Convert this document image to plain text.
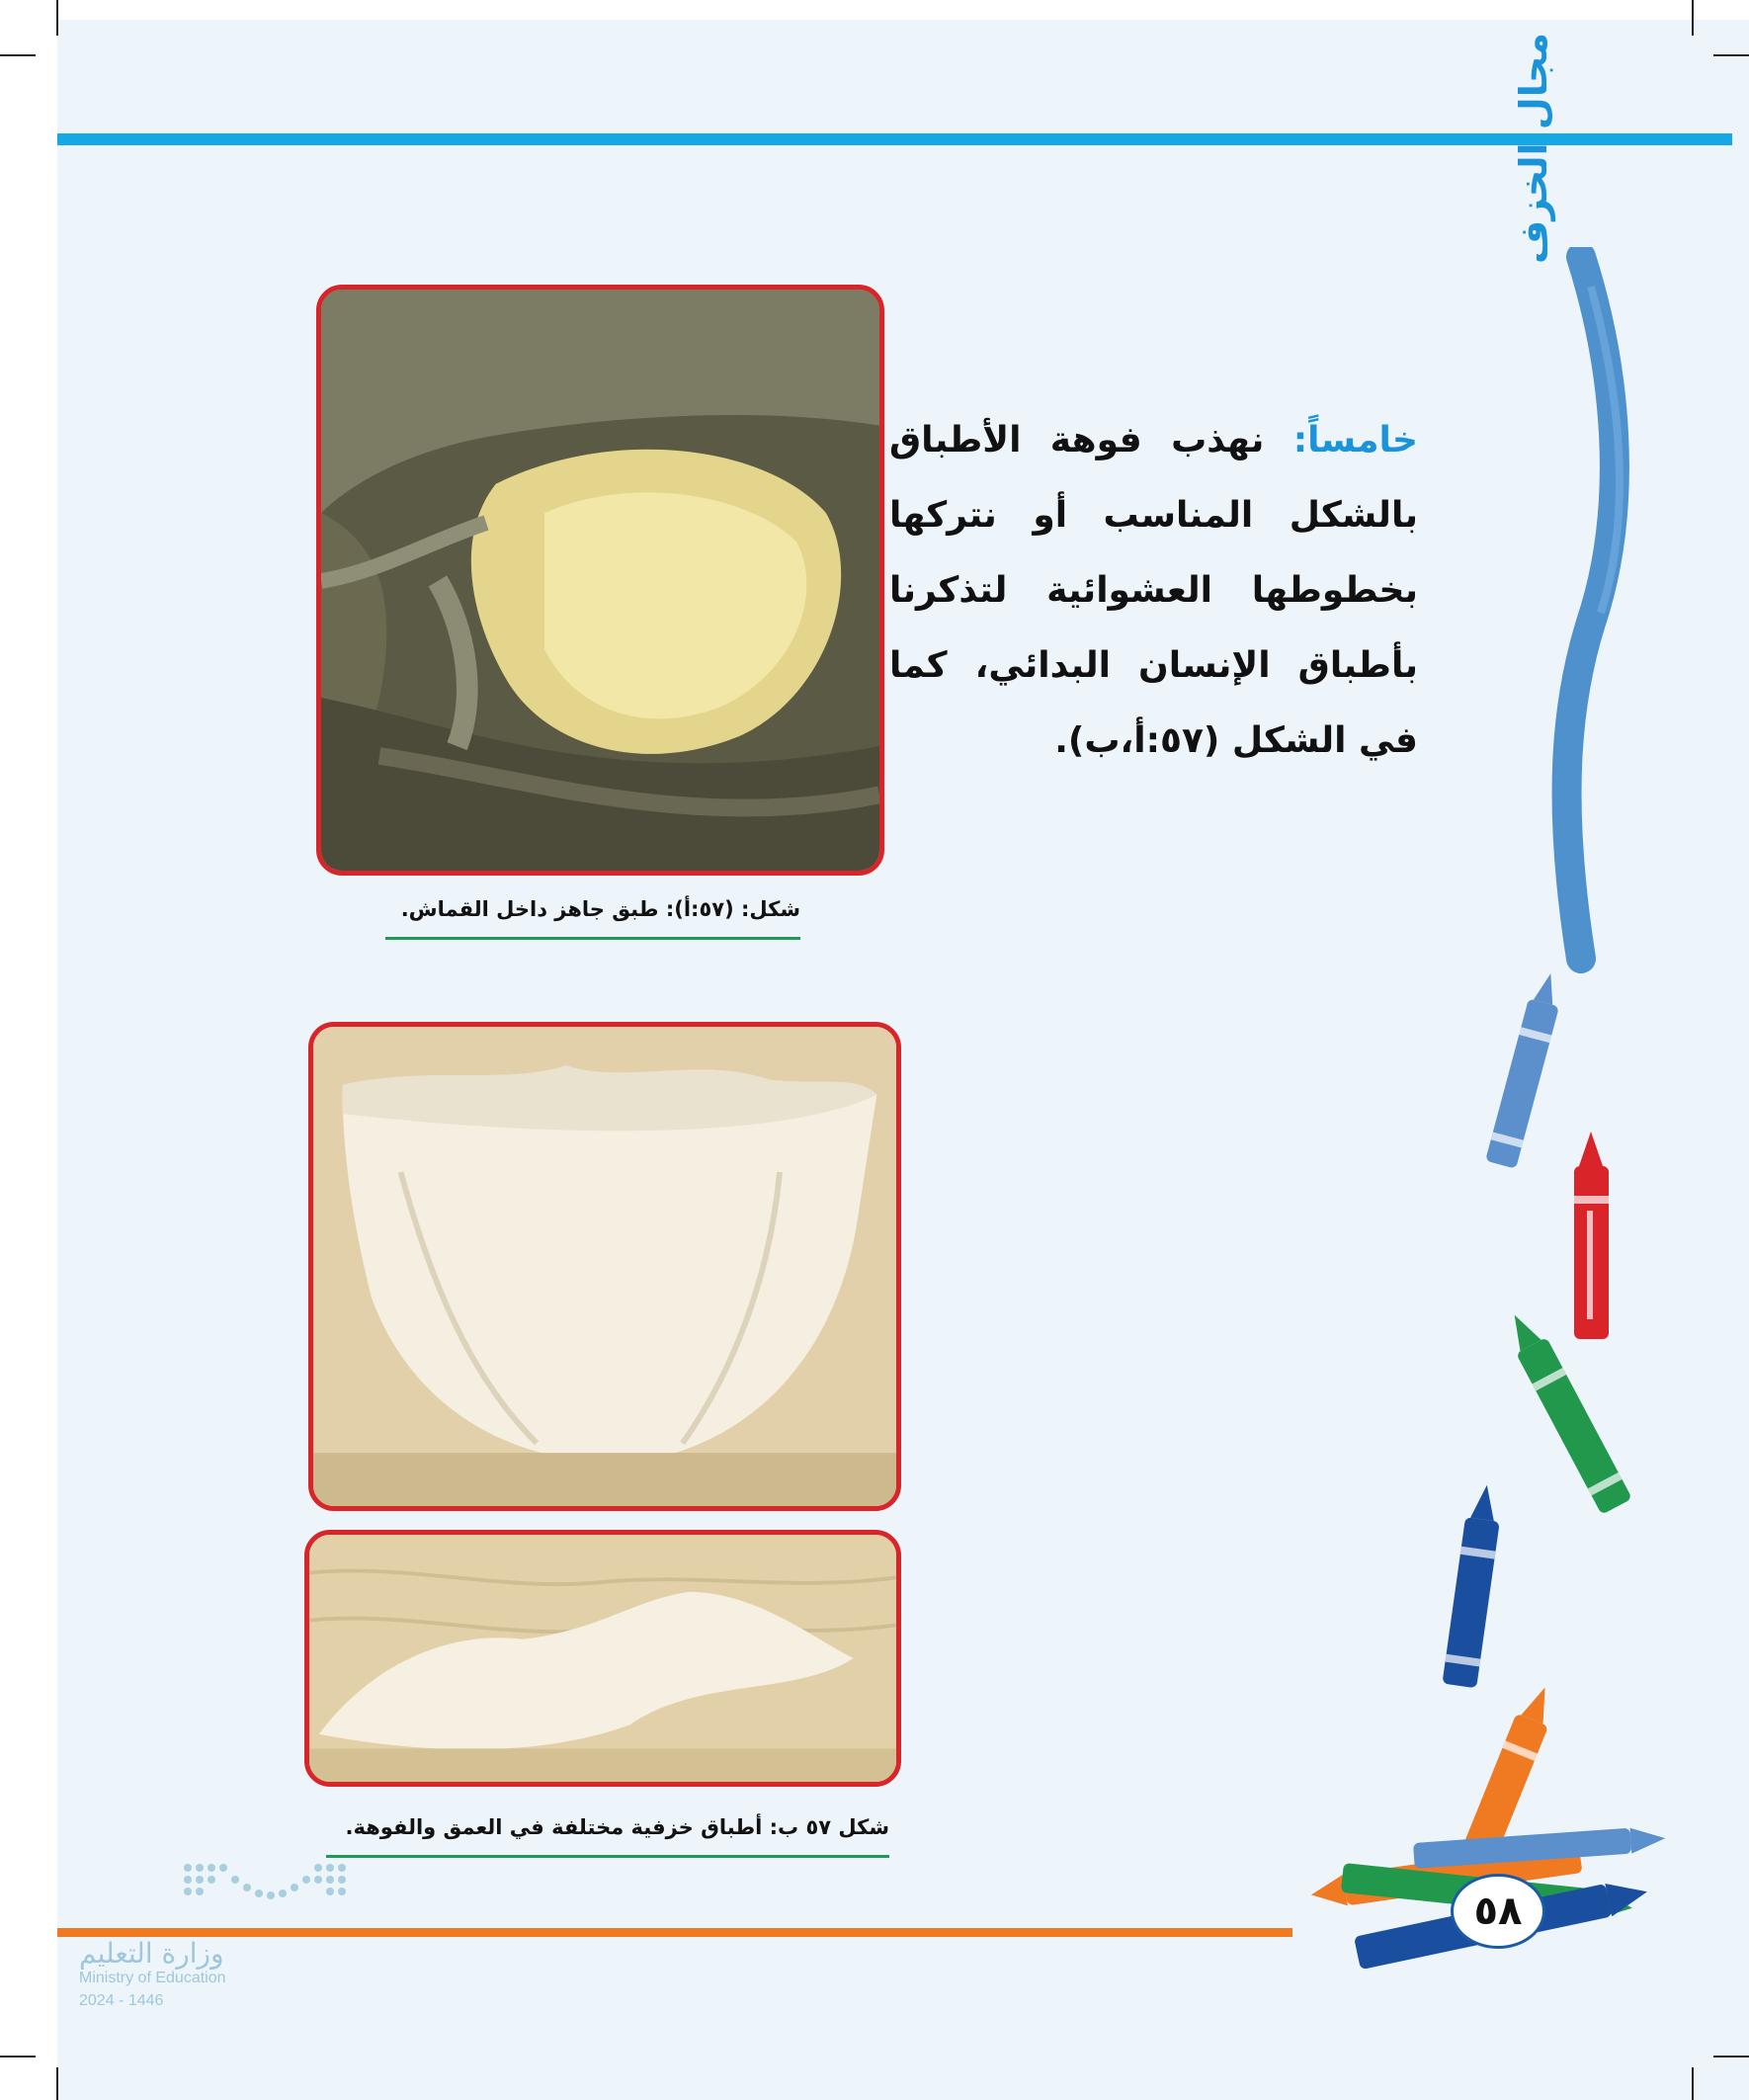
مجال الخزف
٥٨
خامساً: نهذب فوهة الأطباق بالشكل المناسب أو نتركها بخطوطها العشوائية لتذكرنا بأطباق الإنسان البدائي، كما في الشكل (٥٧:أ،ب).
شكل: (٥٧:أ): طبق جاهز داخل القماش.
شكل ٥٧ ب: أطباق خزفية مختلفة في العمق والفوهة.
وزارة التعليم
Ministry of Education
2024 - 1446
